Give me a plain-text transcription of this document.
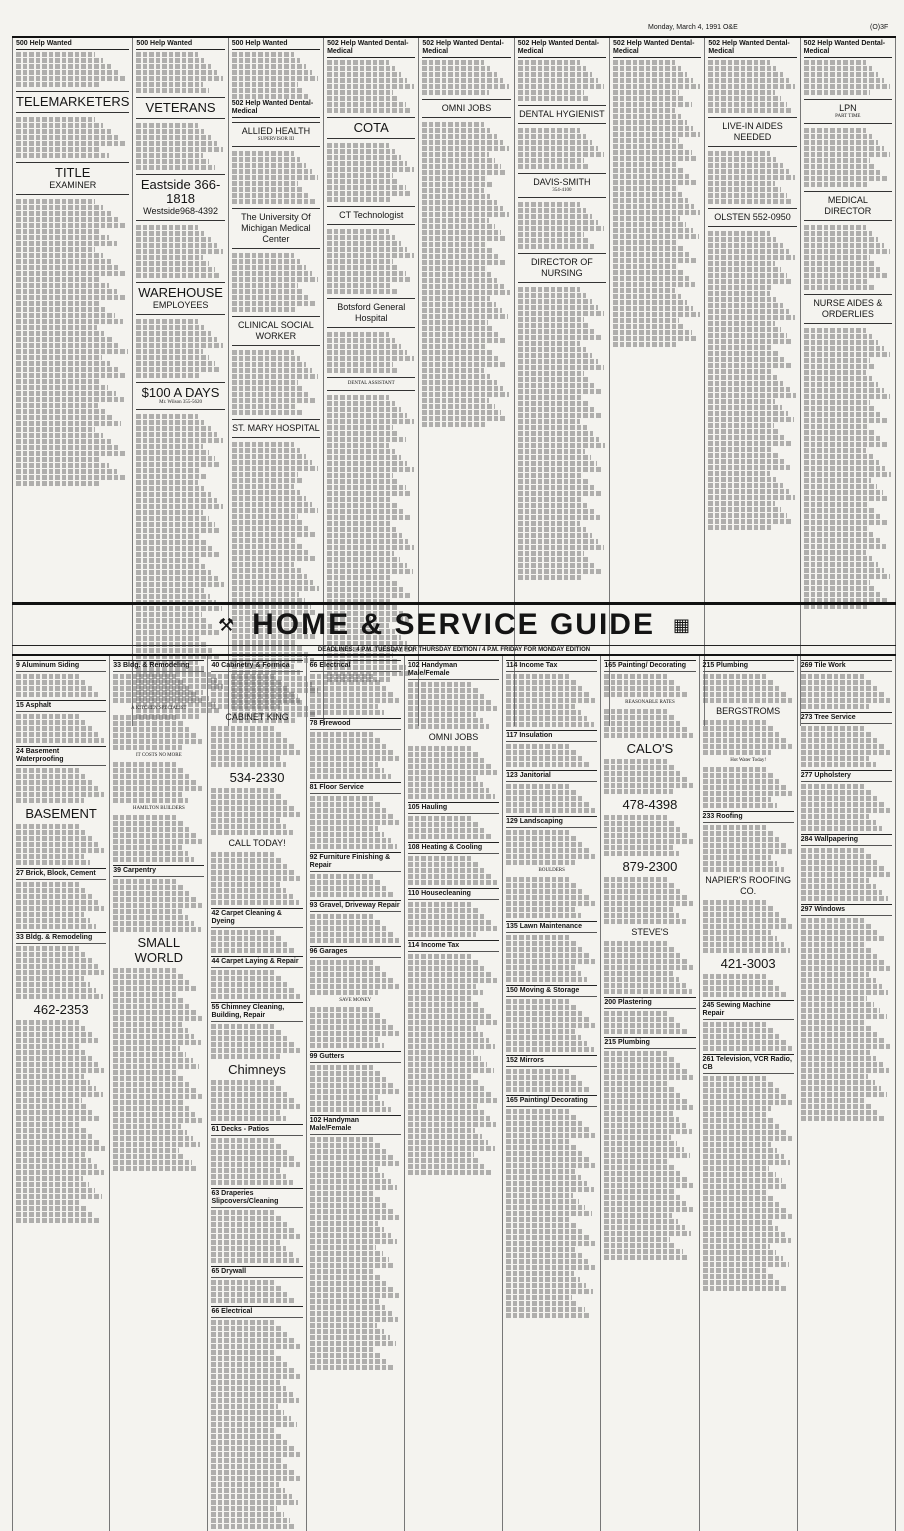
Monday, March 4, 1991 O&E	(O)3F
500 Help Wanted
TELEMARKETERS
TITLE
EXAMINER
500 Help Wanted
VETERANS
Eastside 366-1818
Westside968-4392
WAREHOUSE
EMPLOYEES
$100 A DAYS
Mr. Wilson 355-5620
500 Help Wanted
502 Help Wanted Dental-Medical
ALLIED HEALTH
SUPERVISOR III
The University Of Michigan Medical Center
CLINICAL SOCIAL WORKER
ST. MARY HOSPITAL
502 Help Wanted Dental-Medical
COTA
CT Technologist
Botsford General Hospital
DENTAL ASSISTANT
502 Help Wanted Dental-Medical
OMNI JOBS
502 Help Wanted Dental-Medical
DENTAL HYGIENIST
DAVIS-SMITH
354-4100
DIRECTOR OF NURSING
502 Help Wanted Dental-Medical
502 Help Wanted Dental-Medical
LIVE-IN AIDES NEEDED
OLSTEN 552-0950
502 Help Wanted Dental-Medical
LPN
PART TIME
MEDICAL DIRECTOR
NURSE AIDES & ORDERLIES
⚒ HOME & SERVICE GUIDE ▦
DEADLINES: 4 P.M. TUESDAY FOR THURSDAY EDITION / 4 P.M. FRIDAY FOR MONDAY EDITION
9 Aluminum Siding
15 Asphalt
24 Basement Waterproofing
BASEMENT
27 Brick, Block, Cement
33 Bldg. & Remodeling
462-2353
33 Bldg. & Remodeling
A KITCHEN SPECIALIST
IT COSTS NO MORE
HAMILTON BUILDERS
39 Carpentry
SMALL WORLD
40 Cabinetry & Formica
CABINET KING
534-2330
CALL TODAY!
42 Carpet Cleaning & Dyeing
44 Carpet Laying & Repair
55 Chimney Cleaning, Building, Repair
Chimneys
61 Decks - Patios
63 Draperies Slipcovers/Cleaning
65 Drywall
66 Electrical
66 Electrical
78 Firewood
81 Floor Service
92 Furniture Finishing & Repair
93 Gravel, Driveway Repair
96 Garages
SAVE MONEY
99 Gutters
102 Handyman Male/Female
102 Handyman Male/Female
OMNI JOBS
105 Hauling
108 Heating & Cooling
110 Housecleaning
114 Income Tax
114 Income Tax
117 Insulation
123 Janitorial
129 Landscaping
BOULDERS
135 Lawn Maintenance
150 Moving & Storage
152 Mirrors
165 Painting/ Decorating
165 Painting/ Decorating
REASONABLE RATES
CALO'S
478-4398
879-2300
STEVE'S
200 Plastering
215 Plumbing
215 Plumbing
BERGSTROMS
Hot Water Today!
233 Roofing
NAPIER'S ROOFING CO.
421-3003
245 Sewing Machine Repair
261 Television, VCR Radio, CB
269 Tile Work
273 Tree Service
277 Upholstery
284 Wallpapering
297 Windows
